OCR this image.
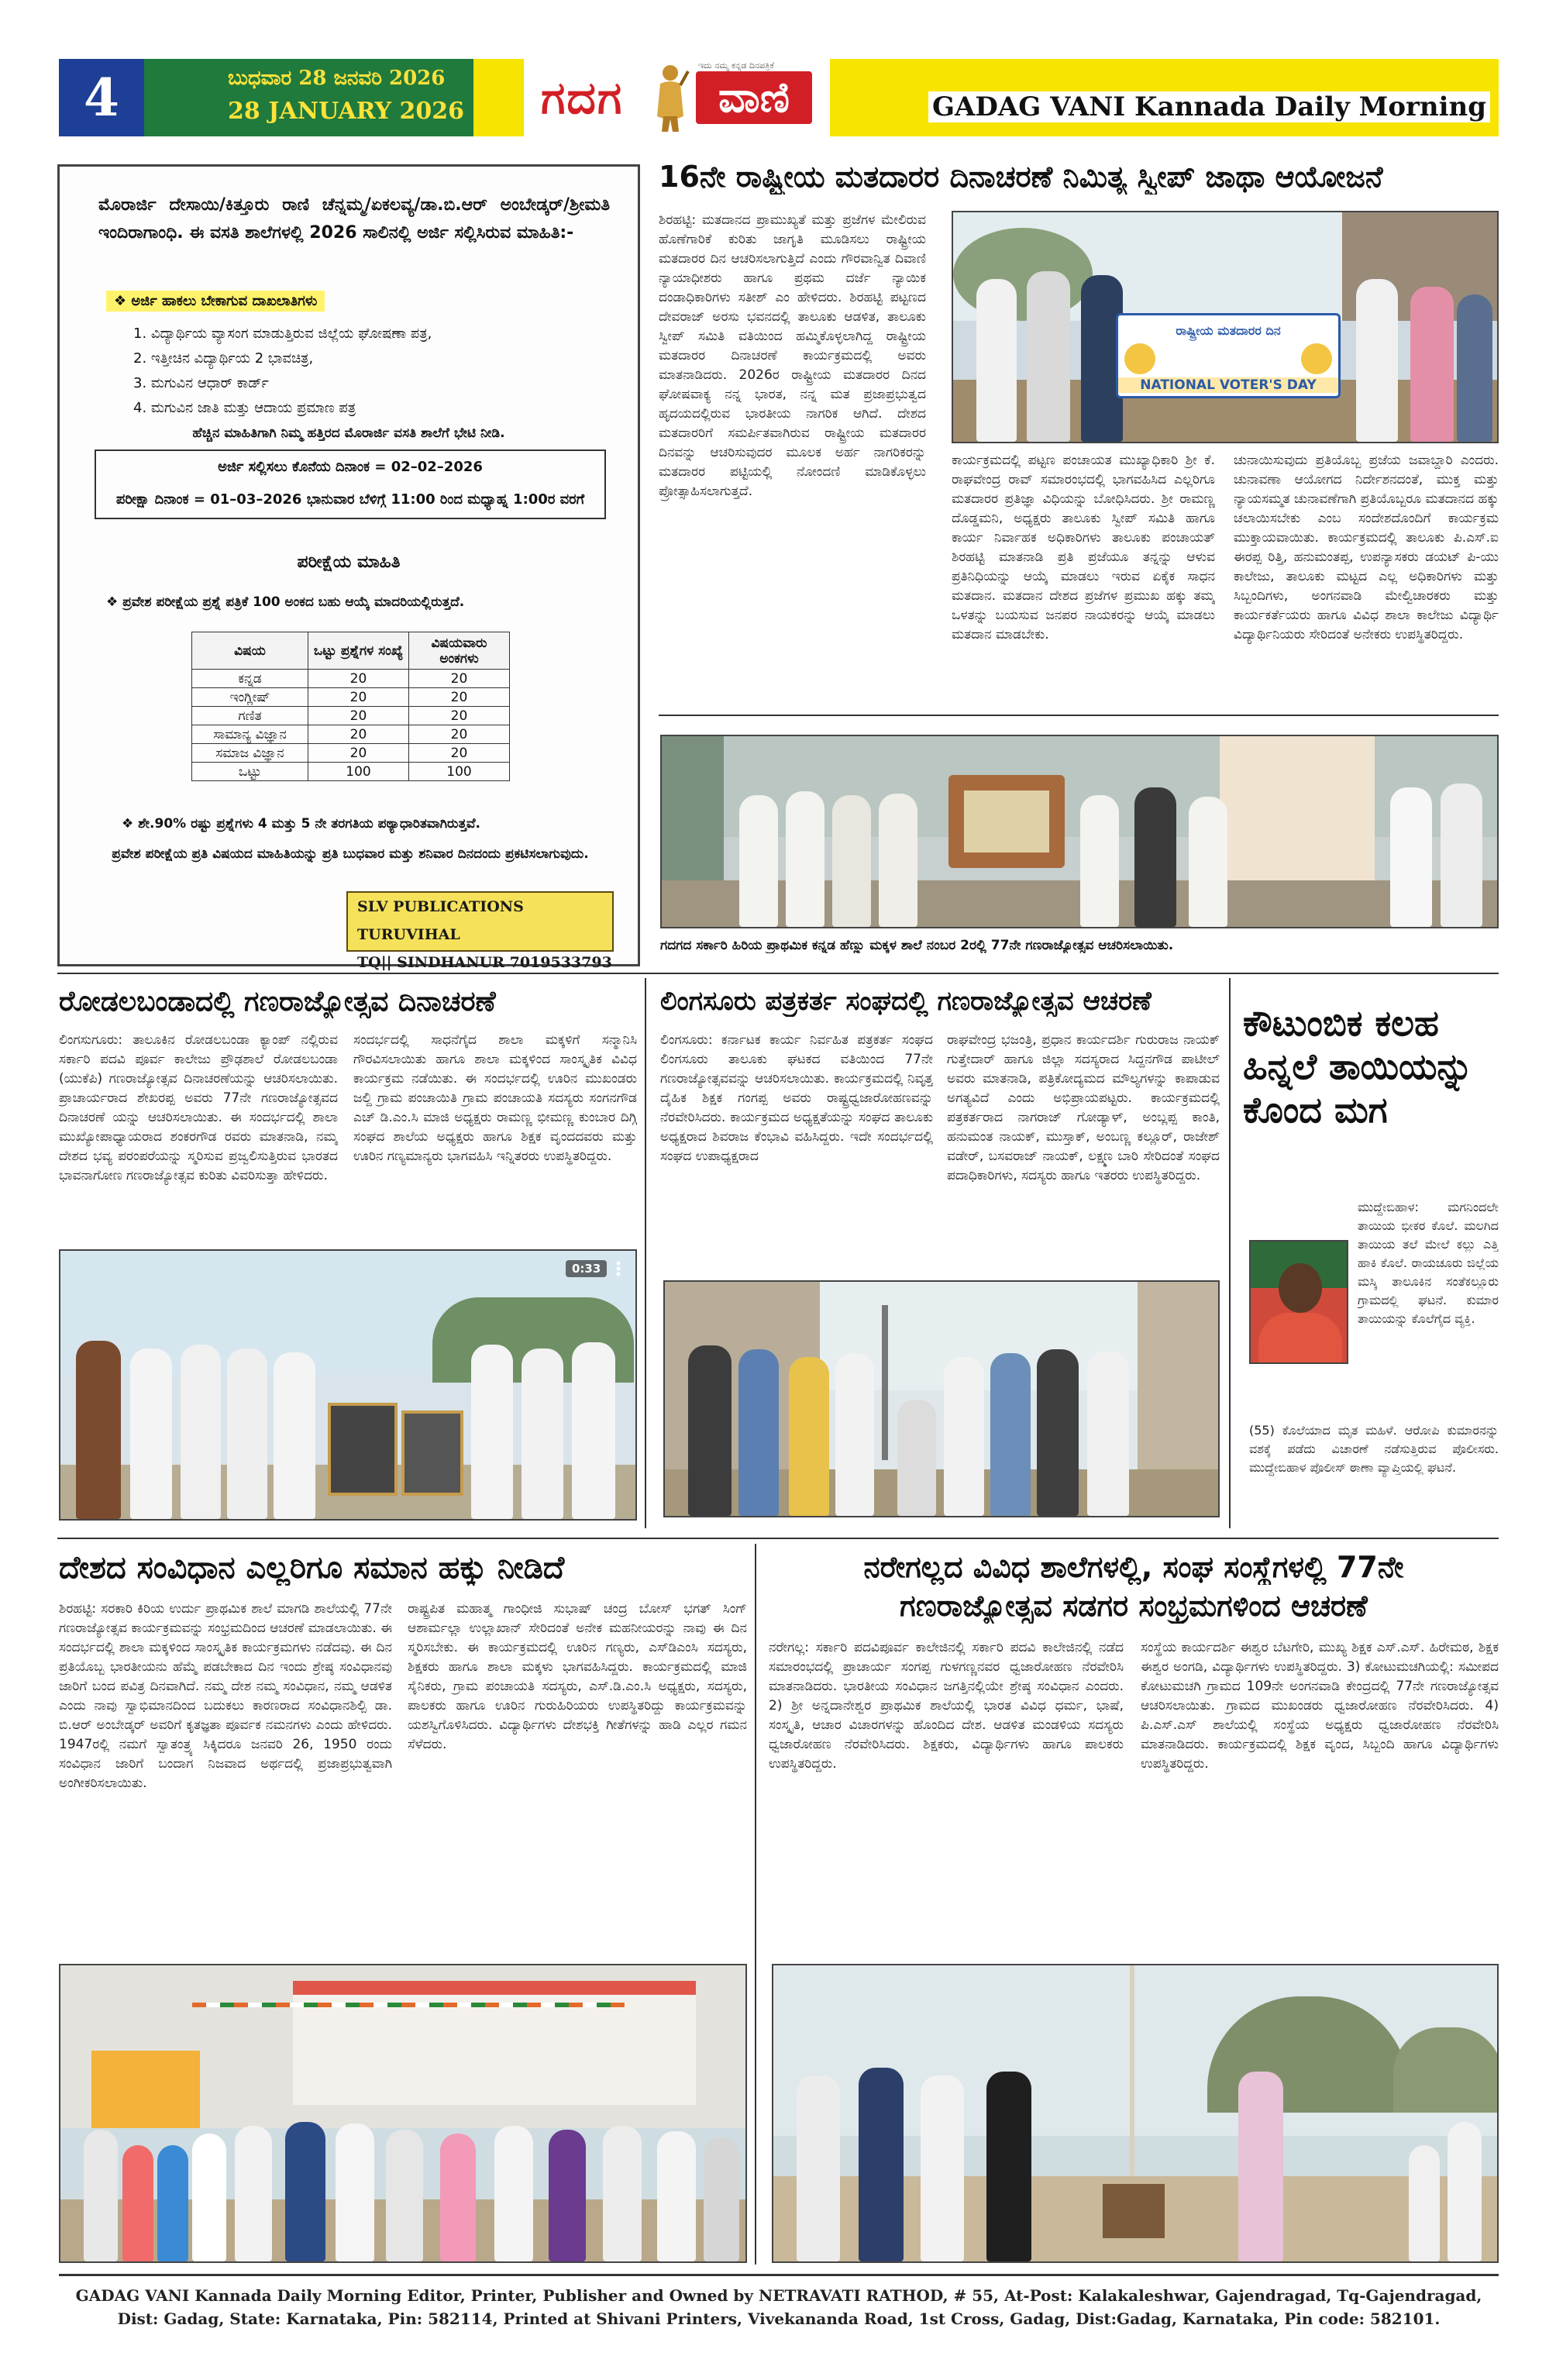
4	ಬುಧವಾರ 28 ಜನವರಿ 2026
28 JANUARY 2026 ಗದಗ
ಇದು ನಮ್ಮ ಕನ್ನಡ ದಿನಪತ್ರಿಕೆ
ವಾಣಿ	GADAG VANI Kannada Daily Morning
ಮೊರಾರ್ಜಿ ದೇಸಾಯಿ/ಕಿತ್ತೂರು ರಾಣಿ ಚೆನ್ನಮ್ಮ/ಏಕಲವ್ಯ/ಡಾ.ಬಿ.ಆರ್ ಅಂಬೇಡ್ಕರ್/ಶ್ರೀಮತಿ ಇಂದಿರಾಗಾಂಧಿ. ಈ ವಸತಿ ಶಾಲೆಗಳಲ್ಲಿ 2026 ಸಾಲಿನಲ್ಲಿ ಅರ್ಜಿ ಸಲ್ಲಿಸಿರುವ ಮಾಹಿತಿ:-
❖ ಅರ್ಜಿ ಹಾಕಲು ಬೇಕಾಗುವ ದಾಖಲಾತಿಗಳು
1. ವಿದ್ಯಾರ್ಥಿಯ ವ್ಯಾಸಂಗ ಮಾಡುತ್ತಿರುವ ಜಿಲ್ಲೆಯ ಘೋಷಣಾ ಪತ್ರ,
2. ಇತ್ತೀಚಿನ ವಿದ್ಯಾರ್ಥಿಯ 2 ಭಾವಚಿತ್ರ,
3. ಮಗುವಿನ ಆಧಾರ್ ಕಾರ್ಡ್
4. ಮಗುವಿನ ಜಾತಿ ಮತ್ತು ಆದಾಯ ಪ್ರಮಾಣ ಪತ್ರ
ಹೆಚ್ಚಿನ ಮಾಹಿತಿಗಾಗಿ ನಿಮ್ಮ ಹತ್ತಿರದ ಮೊರಾರ್ಜಿ ವಸತಿ ಶಾಲೆಗೆ ಭೇಟಿ ನೀಡಿ.
ಅರ್ಜಿ ಸಲ್ಲಿಸಲು ಕೊನೆಯ ದಿನಾಂಕ = 02–02–2026
ಪರೀಕ್ಷಾ ದಿನಾಂಕ = 01–03–2026 ಭಾನುವಾರ ಬೆಳಿಗ್ಗೆ 11:00 ರಿಂದ ಮಧ್ಯಾಹ್ನ 1:00ರ ವರಗೆ
ಪರೀಕ್ಷೆಯ ಮಾಹಿತಿ
❖ ಪ್ರವೇಶ ಪರೀಕ್ಷೆಯ ಪ್ರಶ್ನೆ ಪತ್ರಿಕೆ 100 ಅಂಕದ ಬಹು ಆಯ್ಕೆ ಮಾದರಿಯಲ್ಲಿರುತ್ತದೆ.
ವಿಷಯ	ಒಟ್ಟು ಪ್ರಶ್ನೆಗಳ ಸಂಖ್ಯೆ	ವಿಷಯವಾರು ಅಂಕಗಳು
ಕನ್ನಡ	20	20
ಇಂಗ್ಲೀಷ್	20	20
ಗಣಿತ	20	20
ಸಾಮಾನ್ಯ ವಿಜ್ಞಾನ	20	20
ಸಮಾಜ ವಿಜ್ಞಾನ	20	20
ಒಟ್ಟು	100	100
❖ ಶೇ.90% ರಷ್ಟು ಪ್ರಶ್ನೆಗಳು 4 ಮತ್ತು 5 ನೇ ತರಗತಿಯ ಪಠ್ಯಾಧಾರಿತವಾಗಿರುತ್ತವೆ.
ಪ್ರವೇಶ ಪರೀಕ್ಷೆಯ ಪ್ರತಿ ವಿಷಯದ ಮಾಹಿತಿಯನ್ನು ಪ್ರತಿ ಬುಧವಾರ ಮತ್ತು ಶನಿವಾರ ದಿನದಂದು ಪ್ರಕಟಿಸಲಾಗುವುದು.
SLV PUBLICATIONS TURUVIHAL
TQ|| SINDHANUR 7019533793
16ನೇ ರಾಷ್ಟ್ರೀಯ ಮತದಾರರ ದಿನಾಚರಣೆ ನಿಮಿತ್ಯ ಸ್ವೀಪ್ ಜಾಥಾ ಆಯೋಜನೆ
ಶಿರಹಟ್ಟಿ: ಮತದಾನದ ಪ್ರಾಮುಖ್ಯತೆ ಮತ್ತು ಪ್ರಜೆಗಳ ಮೇಲಿರುವ ಹೊಣೆಗಾರಿಕೆ ಕುರಿತು ಜಾಗೃತಿ ಮೂಡಿಸಲು ರಾಷ್ಟ್ರೀಯ ಮತದಾರರ ದಿನ ಆಚರಿಸಲಾಗುತ್ತಿದೆ ಎಂದು ಗೌರವಾನ್ವಿತ ದಿವಾಣಿ ನ್ಯಾಯಾಧೀಶರು ಹಾಗೂ ಪ್ರಥಮ ದರ್ಜೆ ನ್ಯಾಯಿಕ ದಂಡಾಧಿಕಾರಿಗಳು ಸತೀಶ್ ಎಂ ಹೇಳಿದರು. ಶಿರಹಟ್ಟಿ ಪಟ್ಟಣದ ದೇವರಾಜ್ ಅರಸು ಭವನದಲ್ಲಿ ತಾಲೂಕು ಆಡಳಿತ, ತಾಲೂಕು ಸ್ವೀಪ್ ಸಮಿತಿ ವತಿಯಿಂದ ಹಮ್ಮಿಕೊಳ್ಳಲಾಗಿದ್ದ ರಾಷ್ಟ್ರೀಯ ಮತದಾರರ ದಿನಾಚರಣೆ ಕಾರ್ಯಕ್ರಮದಲ್ಲಿ ಅವರು ಮಾತನಾಡಿದರು. 2026ರ ರಾಷ್ಟ್ರೀಯ ಮತದಾರರ ದಿನದ ಘೋಷವಾಕ್ಯ ನನ್ನ ಭಾರತ, ನನ್ನ ಮತ ಪ್ರಜಾಪ್ರಭುತ್ವದ ಹೃದಯದಲ್ಲಿರುವ ಭಾರತೀಯ ನಾಗರಿಕ ಆಗಿದೆ. ದೇಶದ ಮತದಾರರಿಗೆ ಸಮರ್ಪಿತವಾಗಿರುವ ರಾಷ್ಟ್ರೀಯ ಮತದಾರರ ದಿನವನ್ನು ಆಚರಿಸುವುದರ ಮೂಲಕ ಅರ್ಹ ನಾಗರಿಕರನ್ನು ಮತದಾರರ ಪಟ್ಟಿಯಲ್ಲಿ ನೋಂದಣಿ ಮಾಡಿಕೊಳ್ಳಲು ಪ್ರೋತ್ಸಾಹಿಸಲಾಗುತ್ತದೆ.
ರಾಷ್ಟ್ರೀಯ ಮತದಾರರ ದಿನ
NATIONAL VOTER'S DAY
ಕಾರ್ಯಕ್ರಮದಲ್ಲಿ ಪಟ್ಟಣ ಪಂಚಾಯತ ಮುಖ್ಯಾಧಿಕಾರಿ ಶ್ರೀ ಕೆ. ರಾಘವೇಂದ್ರ ರಾವ್ ಸಮಾರಂಭದಲ್ಲಿ ಭಾಗವಹಿಸಿದ ಎಲ್ಲರಿಗೂ ಮತದಾರರ ಪ್ರತಿಜ್ಞಾ ವಿಧಿಯನ್ನು ಬೋಧಿಸಿದರು. ಶ್ರೀ ರಾಮಣ್ಣ ದೊಡ್ಡಮನಿ, ಅಧ್ಯಕ್ಷರು ತಾಲೂಕು ಸ್ವೀಪ್ ಸಮಿತಿ ಹಾಗೂ ಕಾರ್ಯ ನಿರ್ವಾಹಕ ಅಧಿಕಾರಿಗಳು ತಾಲೂಕು ಪಂಚಾಯತ್ ಶಿರಹಟ್ಟಿ ಮಾತನಾಡಿ ಪ್ರತಿ ಪ್ರಜೆಯೂ ತನ್ನನ್ನು ಆಳುವ ಪ್ರತಿನಿಧಿಯನ್ನು ಆಯ್ಕೆ ಮಾಡಲು ಇರುವ ಏಕೈಕ ಸಾಧನ ಮತದಾನ. ಮತದಾನ ದೇಶದ ಪ್ರಜೆಗಳ ಪ್ರಮುಖ ಹಕ್ಕು ತಮ್ಮ ಒಳತನ್ನು ಬಯಸುವ ಜನಪರ ನಾಯಕರನ್ನು ಆಯ್ಕೆ ಮಾಡಲು ಮತದಾನ ಮಾಡಬೇಕು.
ಚುನಾಯಿಸುವುದು ಪ್ರತಿಯೊಬ್ಬ ಪ್ರಜೆಯ ಜವಾಬ್ದಾರಿ ಎಂದರು. ಚುನಾವಣಾ ಆಯೋಗದ ನಿರ್ದೇಶನದಂತೆ, ಮುಕ್ತ ಮತ್ತು ನ್ಯಾಯಸಮ್ಮತ ಚುನಾವಣೆಗಾಗಿ ಪ್ರತಿಯೊಬ್ಬರೂ ಮತದಾನದ ಹಕ್ಕು ಚಲಾಯಿಸಬೇಕು ಎಂಬ ಸಂದೇಶದೊಂದಿಗೆ ಕಾರ್ಯಕ್ರಮ ಮುಕ್ತಾಯವಾಯಿತು. ಕಾರ್ಯಕ್ರಮದಲ್ಲಿ ತಾಲೂಕು ಪಿ.ಎಸ್.ಐ ಈರಪ್ಪ ರಿತ್ತಿ, ಹನುಮಂತಪ್ಪ, ಉಪನ್ಯಾಸಕರು ಡಯಟ್ ಪಿ-ಯು ಕಾಲೇಜು, ತಾಲೂಕು ಮಟ್ಟದ ಎಲ್ಲ ಅಧಿಕಾರಿಗಳು ಮತ್ತು ಸಿಬ್ಬಂದಿಗಳು, ಅಂಗನವಾಡಿ ಮೇಲ್ವಿಚಾರಕರು ಮತ್ತು ಕಾರ್ಯಕರ್ತೆಯರು ಹಾಗೂ ವಿವಿಧ ಶಾಲಾ ಕಾಲೇಜು ವಿದ್ಯಾರ್ಥಿ ವಿದ್ಯಾರ್ಥಿನಿಯರು ಸೇರಿದಂತೆ ಅನೇಕರು ಉಪಸ್ಥಿತರಿದ್ದರು.
ಗದಗದ ಸರ್ಕಾರಿ ಹಿರಿಯ ಪ್ರಾಥಮಿಕ ಕನ್ನಡ ಹೆಣ್ಣು ಮಕ್ಕಳ ಶಾಲೆ ನಂಬರ 2ರಲ್ಲಿ 77ನೇ ಗಣರಾಜ್ಯೋತ್ಸವ ಆಚರಿಸಲಾಯಿತು.
ರೋಡಲಬಂಡಾದಲ್ಲಿ ಗಣರಾಜ್ಯೋತ್ಸವ ದಿನಾಚರಣೆ
ಲಿಂಗಸುಗೂರು: ತಾಲೂಕಿನ ರೋಡಲಬಂಡಾ ಕ್ಯಾಂಪ್ ನಲ್ಲಿರುವ ಸರ್ಕಾರಿ ಪದವಿ ಪೂರ್ವ ಕಾಲೇಜು ಪ್ರೌಢಶಾಲೆ ರೋಡಲಬಂಡಾ (ಯುಕೆಪಿ) ಗಣರಾಜ್ಯೋತ್ಸವ ದಿನಾಚರಣೆಯನ್ನು ಆಚರಿಸಲಾಯಿತು. ಪ್ರಾಚಾರ್ಯರಾದ ಶೇಖರಪ್ಪ ಅವರು 77ನೇ ಗಣರಾಜ್ಯೋತ್ಸವದ ದಿನಾಚರಣೆ ಯನ್ನು ಆಚರಿಸಲಾಯಿತು. ಈ ಸಂದರ್ಭದಲ್ಲಿ ಶಾಲಾ ಮುಖ್ಯೋಪಾಧ್ಯಾಯರಾದ ಶಂಕರಗೌಡ ರವರು ಮಾತನಾಡಿ, ನಮ್ಮ ದೇಶದ ಭವ್ಯ ಪರಂಪರೆಯನ್ನು ಸ್ಮರಿಸುವ ಪ್ರಜ್ವಲಿಸುತ್ತಿರುವ ಭಾರತದ ಭಾವನಾಗೋಣ ಗಣರಾಜ್ಯೋತ್ಸವ ಕುರಿತು ವಿವರಿಸುತ್ತಾ ಹೇಳಿದರು.
ಸಂದರ್ಭದಲ್ಲಿ ಸಾಧನೆಗೈದ ಶಾಲಾ ಮಕ್ಕಳಿಗೆ ಸನ್ಮಾನಿಸಿ ಗೌರವಿಸಲಾಯಿತು ಹಾಗೂ ಶಾಲಾ ಮಕ್ಕಳಿಂದ ಸಾಂಸ್ಕೃತಿಕ ವಿವಿಧ ಕಾರ್ಯಕ್ರಮ ನಡೆಯಿತು. ಈ ಸಂದರ್ಭದಲ್ಲಿ ಊರಿನ ಮುಖಂಡರು ಜಲ್ದಿ ಗ್ರಾಮ ಪಂಚಾಯಿತಿ ಗ್ರಾಮ ಪಂಚಾಯತಿ ಸದಸ್ಯರು ಸಂಗನಗೌಡ ಎಚ್ ಡಿ.ಎಂ.ಸಿ ಮಾಜಿ ಅಧ್ಯಕ್ಷರು ರಾಮಣ್ಣ ಭೀಮಣ್ಣ ಕುಂಬಾರ ದಿಗ್ಗಿ ಸಂಘದ ಶಾಲೆಯ ಅಧ್ಯಕ್ಷರು ಹಾಗೂ ಶಿಕ್ಷಕ ವೃಂದದವರು ಮತ್ತು ಊರಿನ ಗಣ್ಯಮಾನ್ಯರು ಭಾಗವಹಿಸಿ ಇನ್ನಿತರರು ಉಪಸ್ಥಿತರಿದ್ದರು.
0:33
ಲಿಂಗಸೂರು ಪತ್ರಕರ್ತ ಸಂಘದಲ್ಲಿ ಗಣರಾಜ್ಯೋತ್ಸವ ಆಚರಣೆ
ಲಿಂಗಸೂರು: ಕರ್ನಾಟಕ ಕಾರ್ಯ ನಿರ್ವಹಿತ ಪತ್ರಕರ್ತ ಸಂಘದ ಲಿಂಗಸೂರು ತಾಲೂಕು ಘಟಕದ ವತಿಯಿಂದ 77ನೇ ಗಣರಾಜ್ಯೋತ್ಸವವನ್ನು ಆಚರಿಸಲಾಯಿತು. ಕಾರ್ಯಕ್ರಮದಲ್ಲಿ ನಿವೃತ್ತ ದೈಹಿಕ ಶಿಕ್ಷಕ ಗಂಗಪ್ಪ ಅವರು ರಾಷ್ಟ್ರಧ್ವಜಾರೋಹಣವನ್ನು ನೆರವೇರಿಸಿದರು. ಕಾರ್ಯಕ್ರಮದ ಅಧ್ಯಕ್ಷತೆಯನ್ನು ಸಂಘದ ತಾಲೂಕು ಅಧ್ಯಕ್ಷರಾದ ಶಿವರಾಜ ಕೆಂಭಾವಿ ವಹಿಸಿದ್ದರು. ಇದೇ ಸಂದರ್ಭದಲ್ಲಿ ಸಂಘದ ಉಪಾಧ್ಯಕ್ಷರಾದ
ರಾಘವೇಂದ್ರ ಭಜಂತ್ರಿ, ಪ್ರಧಾನ ಕಾರ್ಯದರ್ಶಿ ಗುರುರಾಜ ನಾಯಕ್ ಗುತ್ತೇದಾರ್ ಹಾಗೂ ಜಿಲ್ಲಾ ಸದಸ್ಯರಾದ ಸಿದ್ದನಗೌಡ ಪಾಟೀಲ್ ಅವರು ಮಾತನಾಡಿ, ಪತ್ರಿಕೋದ್ಯಮದ ಮೌಲ್ಯಗಳನ್ನು ಕಾಪಾಡುವ ಅಗತ್ಯವಿದೆ ಎಂದು ಅಭಿಪ್ರಾಯಪಟ್ಟರು. ಕಾರ್ಯಕ್ರಮದಲ್ಲಿ ಪತ್ರಕರ್ತರಾದ ನಾಗರಾಜ್ ಗೋಡ್ಯಾಳ್, ಅಂಬ್ಲಪ್ಪ ಕಾಂತಿ, ಹನುಮಂತ ನಾಯಕ್, ಮುಸ್ತಾಕ್, ಅಂಬಣ್ಣ ಕಲ್ಲೂರ್, ರಾಜೇಶ್ ವಡೇರ್, ಬಸವರಾಜ್ ನಾಯಕ್, ಲಕ್ಷ್ಮಣ ಬಾರಿ ಸೇರಿದಂತೆ ಸಂಘದ ಪದಾಧಿಕಾರಿಗಳು, ಸದಸ್ಯರು ಹಾಗೂ ಇತರರು ಉಪಸ್ಥಿತರಿದ್ದರು.
ಕೌಟುಂಬಿಕ ಕಲಹ ಹಿನ್ನಲೆ ತಾಯಿಯನ್ನು ಕೊಂದ ಮಗ
ಮುದ್ದೇಬಿಹಾಳ: ಮಗನಿಂದಲೇ ತಾಯಿಯ ಭೀಕರ ಕೊಲೆ. ಮಲಗಿದ ತಾಯಿಯ ತಲೆ ಮೇಲೆ ಕಲ್ಲು ಎತ್ತಿ ಹಾಕಿ ಕೊಲೆ. ರಾಯಚೂರು ಜಿಲ್ಲೆಯ ಮಸ್ಕಿ ತಾಲೂಕಿನ ಸಂತೆಕಲ್ಲೂರು ಗ್ರಾಮದಲ್ಲಿ ಘಟನೆ. ಕುಮಾರ ತಾಯಿಯನ್ನು ಕೊಲೆಗೈದ ವ್ಯಕ್ತಿ.
(55) ಕೊಲೆಯಾದ ಮೃತ ಮಹಿಳೆ. ಆರೋಪಿ ಕುಮಾರನನ್ನು ವಶಕ್ಕೆ ಪಡೆದು ವಿಚಾರಣೆ ನಡೆಸುತ್ತಿರುವ ಪೊಲೀಸರು. ಮುದ್ದೇಬಿಹಾಳ ಪೊಲೀಸ್ ಠಾಣಾ ವ್ಯಾಪ್ತಿಯಲ್ಲಿ ಘಟನೆ.
ದೇಶದ ಸಂವಿಧಾನ ಎಲ್ಲರಿಗೂ ಸಮಾನ ಹಕ್ಕು ನೀಡಿದೆ
ಶಿರಹಟ್ಟಿ: ಸರಕಾರಿ ಕಿರಿಯ ಉರ್ದು ಪ್ರಾಥಮಿಕ ಶಾಲೆ ಮಾಗಡಿ ಶಾಲೆಯಲ್ಲಿ 77ನೇ ಗಣರಾಜ್ಯೋತ್ಸವ ಕಾರ್ಯಕ್ರಮವನ್ನು ಸಂಭ್ರಮದಿಂದ ಆಚರಣೆ ಮಾಡಲಾಯಿತು. ಈ ಸಂದರ್ಭದಲ್ಲಿ ಶಾಲಾ ಮಕ್ಕಳಿಂದ ಸಾಂಸ್ಕೃತಿಕ ಕಾರ್ಯಕ್ರಮಗಳು ನಡೆದವು. ಈ ದಿನ ಪ್ರತಿಯೊಬ್ಬ ಭಾರತೀಯನು ಹೆಮ್ಮೆ ಪಡಬೇಕಾದ ದಿನ ಇಂದು ಶ್ರೇಷ್ಠ ಸಂವಿಧಾನವು ಜಾರಿಗೆ ಬಂದ ಪವಿತ್ರ ದಿನವಾಗಿದೆ. ನಮ್ಮ ದೇಶ ನಮ್ಮ ಸಂವಿಧಾನ, ನಮ್ಮ ಆಡಳಿತ ಎಂದು ನಾವು ಸ್ವಾಭಿಮಾನದಿಂದ ಬದುಕಲು ಕಾರಣರಾದ ಸಂವಿಧಾನಶಿಲ್ಪಿ ಡಾ. ಬಿ.ಆರ್ ಅಂಬೇಡ್ಕರ್ ಅವರಿಗೆ ಕೃತಜ್ಞತಾ ಪೂರ್ವಕ ನಮನಗಳು ಎಂದು ಹೇಳಿದರು. 1947ರಲ್ಲಿ ನಮಗೆ ಸ್ವಾತಂತ್ರ್ಯ ಸಿಕ್ಕಿದರೂ ಜನವರಿ 26, 1950 ರಂದು ಸಂವಿಧಾನ ಜಾರಿಗೆ ಬಂದಾಗ ನಿಜವಾದ ಅರ್ಥದಲ್ಲಿ ಪ್ರಜಾಪ್ರಭುತ್ವವಾಗಿ ಅಂಗೀಕರಿಸಲಾಯಿತು.
ರಾಷ್ಟ್ರಪಿತ ಮಹಾತ್ಮ ಗಾಂಧೀಜಿ ಸುಭಾಷ್ ಚಂದ್ರ ಬೋಸ್ ಭಗತ್ ಸಿಂಗ್ ಆಶಾರ್ಮಲ್ಲಾ ಉಲ್ಲಾಖಾನ್ ಸೇರಿದಂತೆ ಅನೇಕ ಮಹನೀಯರನ್ನು ನಾವು ಈ ದಿನ ಸ್ಮರಿಸಬೇಕು. ಈ ಕಾರ್ಯಕ್ರಮದಲ್ಲಿ ಊರಿನ ಗಣ್ಯರು, ಎಸ್‌ಡಿಎಂಸಿ ಸದಸ್ಯರು, ಶಿಕ್ಷಕರು ಹಾಗೂ ಶಾಲಾ ಮಕ್ಕಳು ಭಾಗವಹಿಸಿದ್ದರು. ಕಾರ್ಯಕ್ರಮದಲ್ಲಿ ಮಾಜಿ ಸೈನಿಕರು, ಗ್ರಾಮ ಪಂಚಾಯತಿ ಸದಸ್ಯರು, ಎಸ್.ಡಿ.ಎಂ.ಸಿ ಅಧ್ಯಕ್ಷರು, ಸದಸ್ಯರು, ಪಾಲಕರು ಹಾಗೂ ಊರಿನ ಗುರುಹಿರಿಯರು ಉಪಸ್ಥಿತರಿದ್ದು ಕಾರ್ಯಕ್ರಮವನ್ನು ಯಶಸ್ವಿಗೊಳಿಸಿದರು. ವಿದ್ಯಾರ್ಥಿಗಳು ದೇಶಭಕ್ತಿ ಗೀತೆಗಳನ್ನು ಹಾಡಿ ಎಲ್ಲರ ಗಮನ ಸೆಳೆದರು.
ನರೇಗಲ್ಲದ ವಿವಿಧ ಶಾಲೆಗಳಲ್ಲಿ, ಸಂಘ ಸಂಸ್ಥೆಗಳಲ್ಲಿ 77ನೇ
ಗಣರಾಜ್ಯೋತ್ಸವ ಸಡಗರ ಸಂಭ್ರಮಗಳಿಂದ ಆಚರಣೆ
ನರೇಗಲ್ಲ: ಸರ್ಕಾರಿ ಪದವಿಪೂರ್ವ ಕಾಲೇಜಿನಲ್ಲಿ ಸರ್ಕಾರಿ ಪದವಿ ಕಾಲೇಜಿನಲ್ಲಿ ನಡೆದ ಸಮಾರಂಭದಲ್ಲಿ ಪ್ರಾಚಾರ್ಯ ಸಂಗಪ್ಪ ಗುಳಗಣ್ಣನವರ ಧ್ವಜಾರೋಹಣ ನೆರವೇರಿಸಿ ಮಾತನಾಡಿದರು. ಭಾರತೀಯ ಸಂವಿಧಾನ ಜಗತ್ತಿನಲ್ಲಿಯೇ ಶ್ರೇಷ್ಠ ಸಂವಿಧಾನ ಎಂದರು. 2) ಶ್ರೀ ಅನ್ನದಾನೇಶ್ವರ ಪ್ರಾಥಮಿಕ ಶಾಲೆಯಲ್ಲಿ ಭಾರತ ವಿವಿಧ ಧರ್ಮ, ಭಾಷೆ, ಸಂಸ್ಕೃತಿ, ಆಚಾರ ವಿಚಾರಗಳನ್ನು ಹೊಂದಿದ ದೇಶ. ಆಡಳಿತ ಮಂಡಳಿಯ ಸದಸ್ಯರು ಧ್ವಜಾರೋಹಣ ನೆರವೇರಿಸಿದರು. ಶಿಕ್ಷಕರು, ವಿದ್ಯಾರ್ಥಿಗಳು ಹಾಗೂ ಪಾಲಕರು ಉಪಸ್ಥಿತರಿದ್ದರು.
ಸಂಸ್ಥೆಯ ಕಾರ್ಯದರ್ಶಿ ಈಶ್ವರ ಬೆಟಗೇರಿ, ಮುಖ್ಯ ಶಿಕ್ಷಕ ಎಸ್.ಎಸ್. ಹಿರೇಮಠ, ಶಿಕ್ಷಕ ಈಶ್ವರ ಅಂಗಡಿ, ವಿದ್ಯಾರ್ಥಿಗಳು ಉಪಸ್ಥಿತರಿದ್ದರು. 3) ಕೋಟುಮಚಗಿಯಲ್ಲಿ: ಸಮೀಪದ ಕೋಟುಮಚಗಿ ಗ್ರಾಮದ 109ನೇ ಅಂಗನವಾಡಿ ಕೇಂದ್ರದಲ್ಲಿ 77ನೇ ಗಣರಾಜ್ಯೋತ್ಸವ ಆಚರಿಸಲಾಯಿತು. ಗ್ರಾಮದ ಮುಖಂಡರು ಧ್ವಜಾರೋಹಣ ನೆರವೇರಿಸಿದರು. 4) ಪಿ.ಎಸ್.ಎಸ್ ಶಾಲೆಯಲ್ಲಿ ಸಂಸ್ಥೆಯ ಅಧ್ಯಕ್ಷರು ಧ್ವಜಾರೋಹಣ ನೆರವೇರಿಸಿ ಮಾತನಾಡಿದರು. ಕಾರ್ಯಕ್ರಮದಲ್ಲಿ ಶಿಕ್ಷಕ ವೃಂದ, ಸಿಬ್ಬಂದಿ ಹಾಗೂ ವಿದ್ಯಾರ್ಥಿಗಳು ಉಪಸ್ಥಿತರಿದ್ದರು.
GADAG VANI Kannada Daily Morning Editor, Printer, Publisher and Owned by NETRAVATI RATHOD, # 55, At-Post: Kalakaleshwar, Gajendragad, Tq-Gajendragad, Dist: Gadag, State: Karnataka, Pin: 582114, Printed at Shivani Printers, Vivekananda Road, 1st Cross, Gadag, Dist:Gadag, Karnataka, Pin code: 582101.
